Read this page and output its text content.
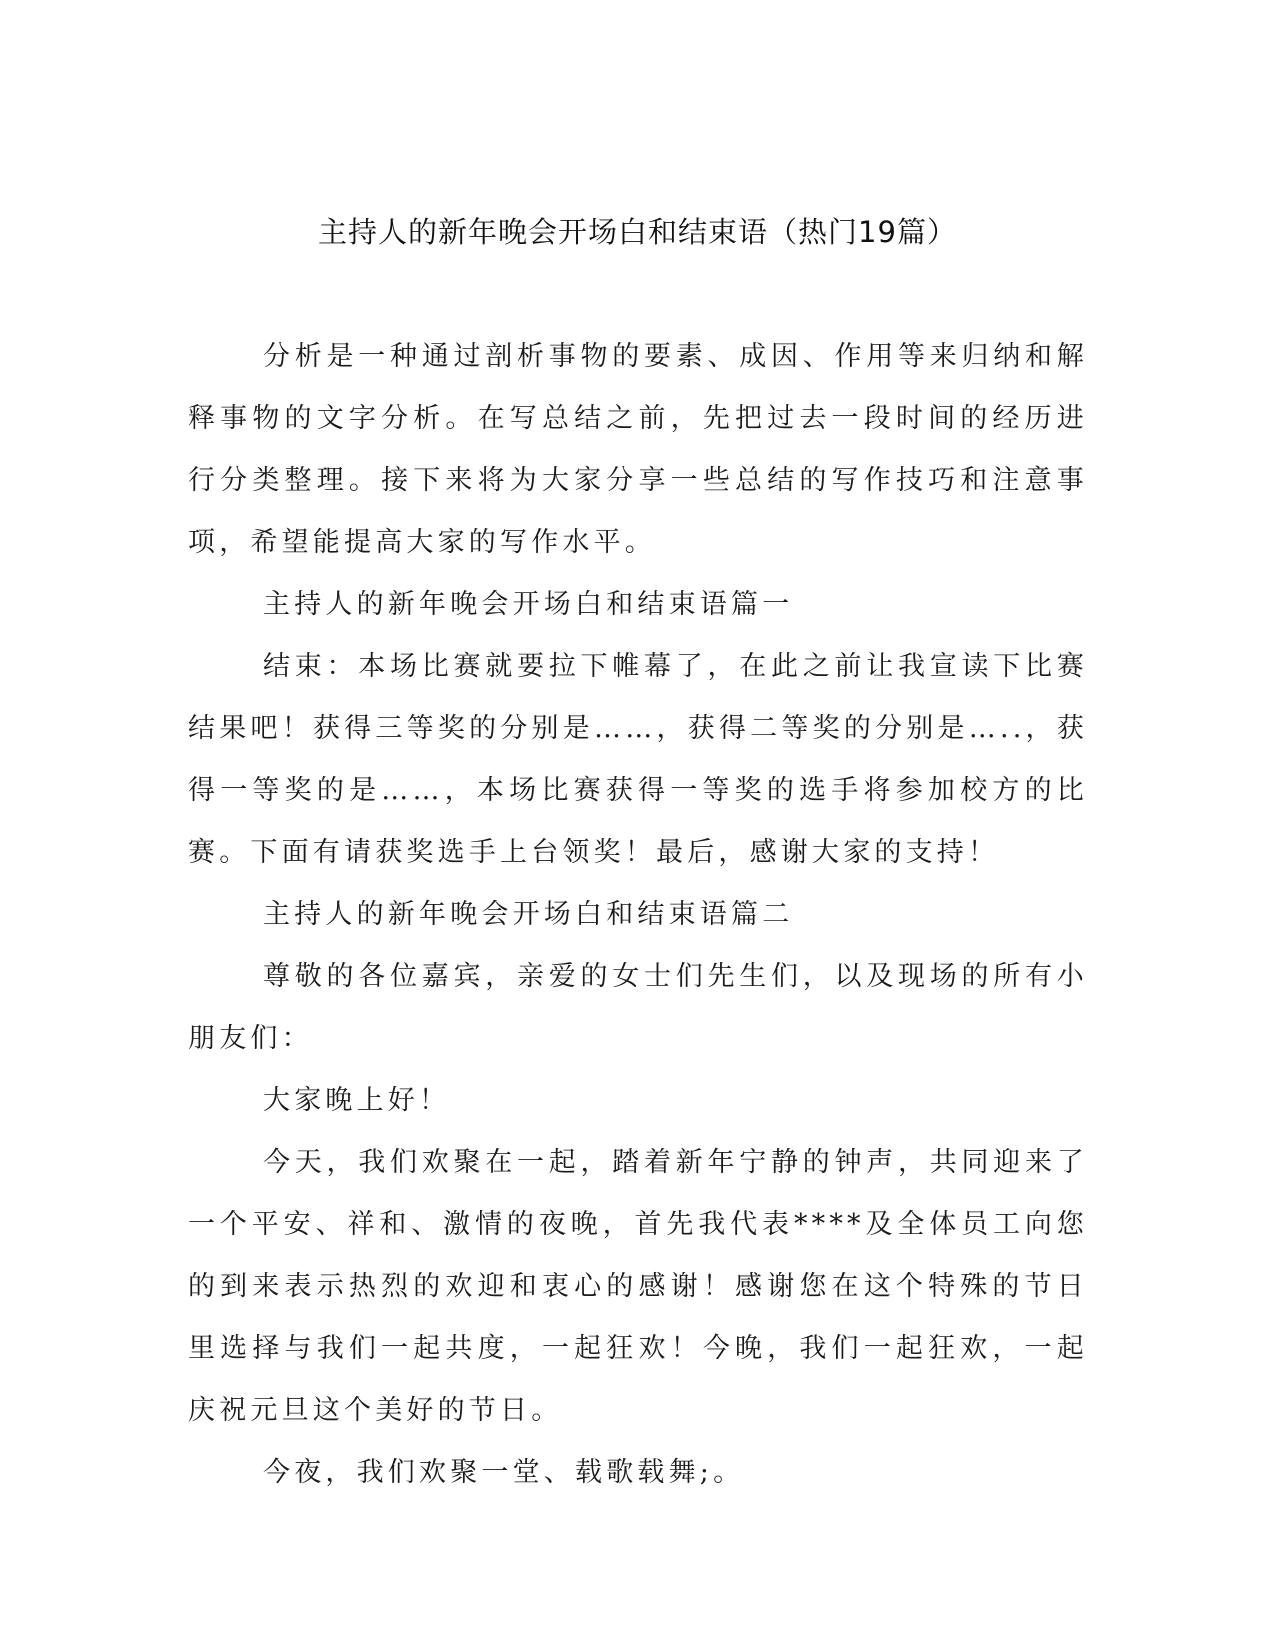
主持人的新年晚会开场白和结束语（热门19篇）

分析是一种通过剖析事物的要素、成因、作用等来归纳和解释事物的文字分析。在写总结之前，先把过去一段时间的经历进行分类整理。接下来将为大家分享一些总结的写作技巧和注意事项，希望能提高大家的写作水平。

主持人的新年晚会开场白和结束语篇一

结束：本场比赛就要拉下帷幕了，在此之前让我宣读下比赛结果吧！获得三等奖的分别是……，获得二等奖的分别是…..，获得一等奖的是……，本场比赛获得一等奖的选手将参加校方的比赛。下面有请获奖选手上台领奖！最后，感谢大家的支持！

主持人的新年晚会开场白和结束语篇二

尊敬的各位嘉宾，亲爱的女士们先生们，以及现场的所有小朋友们：

大家晚上好！

今天，我们欢聚在一起，踏着新年宁静的钟声，共同迎来了一个平安、祥和、激情的夜晚，首先我代表****及全体员工向您的到来表示热烈的欢迎和衷心的感谢！感谢您在这个特殊的节日里选择与我们一起共度，一起狂欢！今晚，我们一起狂欢，一起庆祝元旦这个美好的节日。

今夜，我们欢聚一堂、载歌载舞;。
